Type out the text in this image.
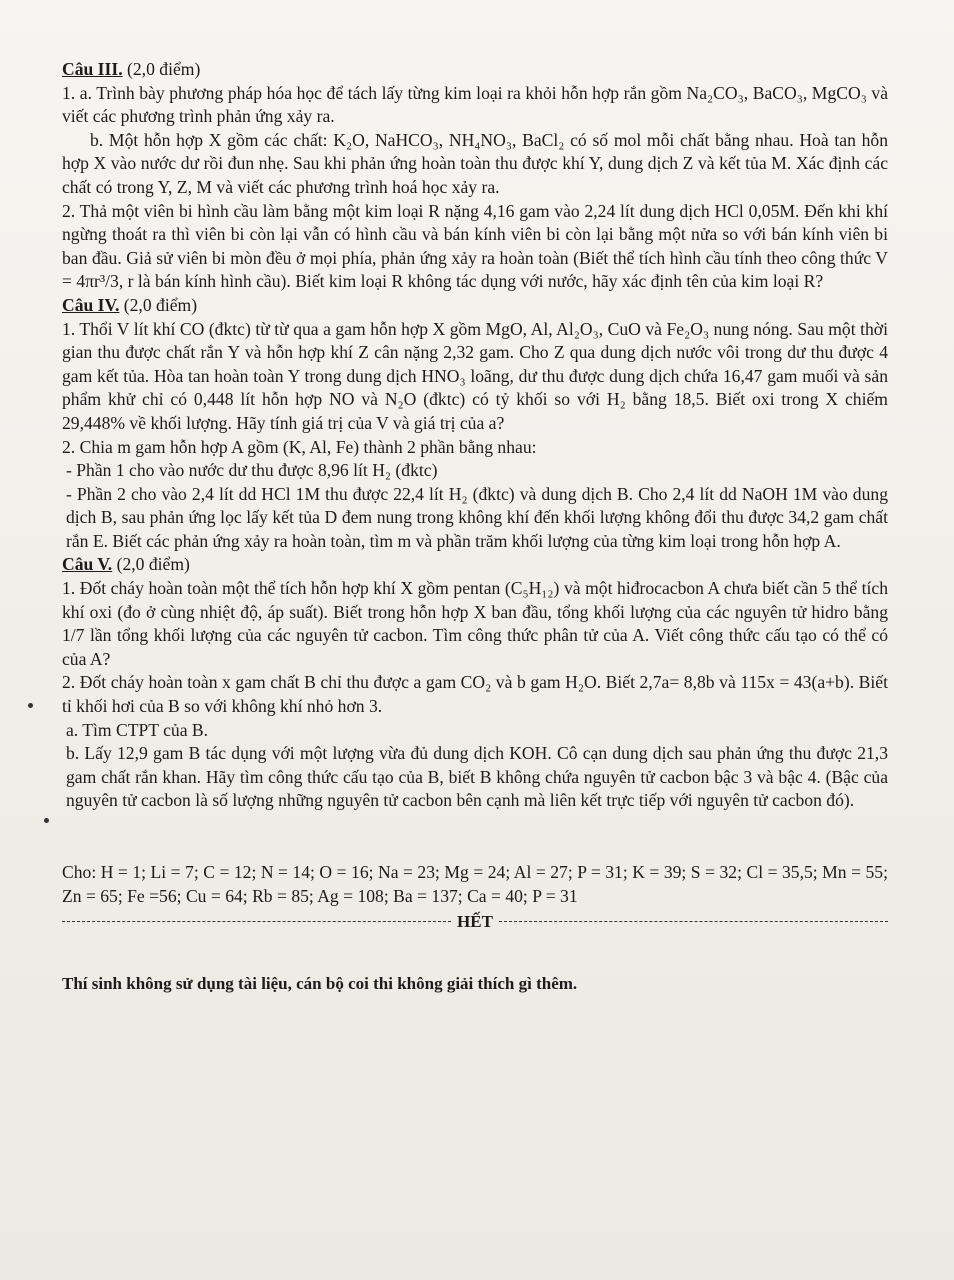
Câu III. (2,0 điểm)

1. a. Trình bày phương pháp hóa học để tách lấy từng kim loại ra khỏi hỗn hợp rắn gồm Na₂CO₃, BaCO₃, MgCO₃ và viết các phương trình phản ứng xảy ra.

b. Một hỗn hợp X gồm các chất: K₂O, NaHCO₃, NH₄NO₃, BaCl₂ có số mol mỗi chất bằng nhau. Hoà tan hỗn hợp X vào nước dư rồi đun nhẹ. Sau khi phản ứng hoàn toàn thu được khí Y, dung dịch Z và kết tủa M. Xác định các chất có trong Y, Z, M và viết các phương trình hoá học xảy ra.

2. Thả một viên bi hình cầu làm bằng một kim loại R nặng 4,16 gam vào 2,24 lít dung dịch HCl 0,05M. Đến khi khí ngừng thoát ra thì viên bi còn lại vẫn có hình cầu và bán kính viên bi còn lại bằng một nửa so với bán kính viên bi ban đầu. Giả sử viên bi mòn đều ở mọi phía, phản ứng xảy ra hoàn toàn (Biết thể tích hình cầu tính theo công thức V = 4πr³/3, r là bán kính hình cầu). Biết kim loại R không tác dụng với nước, hãy xác định tên của kim loại R?

Câu IV. (2,0 điểm)

1. Thổi V lít khí CO (đktc) từ từ qua a gam hỗn hợp X gồm MgO, Al, Al₂O₃, CuO và Fe₂O₃ nung nóng. Sau một thời gian thu được chất rắn Y và hỗn hợp khí Z cân nặng 2,32 gam. Cho Z qua dung dịch nước vôi trong dư thu được 4 gam kết tủa. Hòa tan hoàn toàn Y trong dung dịch HNO₃ loãng, dư thu được dung dịch chứa 16,47 gam muối và sản phẩm khử chỉ có 0,448 lít hỗn hợp NO và N₂O (đktc) có tỷ khối so với H₂ bằng 18,5. Biết oxi trong X chiếm 29,448% về khối lượng. Hãy tính giá trị của V và giá trị của a?

2. Chia m gam hỗn hợp A gồm (K, Al, Fe) thành 2 phần bằng nhau:

- Phần 1 cho vào nước dư thu được 8,96 lít H₂ (đktc)

- Phần 2 cho vào 2,4 lít dd HCl 1M thu được 22,4 lít H₂ (đktc) và dung dịch B. Cho 2,4 lít dd NaOH 1M vào dung dịch B, sau phản ứng lọc lấy kết tủa D đem nung trong không khí đến khối lượng không đổi thu được 34,2 gam chất rắn E. Biết các phản ứng xảy ra hoàn toàn, tìm m và phần trăm khối lượng của từng kim loại trong hỗn hợp A.

Câu V. (2,0 điểm)

1. Đốt cháy hoàn toàn một thể tích hỗn hợp khí X gồm pentan (C₅H₁₂) và một hiđrocacbon A chưa biết cần 5 thể tích khí oxi (đo ở cùng nhiệt độ, áp suất). Biết trong hỗn hợp X ban đầu, tổng khối lượng của các nguyên tử hidro bằng 1/7 lần tổng khối lượng của các nguyên tử cacbon. Tìm công thức phân tử của A. Viết công thức cấu tạo có thể có của A?

2. Đốt cháy hoàn toàn x gam chất B chỉ thu được a gam CO₂ và b gam H₂O. Biết 2,7a= 8,8b và 115x = 43(a+b). Biết tỉ khối hơi của B so với không khí nhỏ hơn 3.

a. Tìm CTPT của B.

b. Lấy 12,9 gam B tác dụng với một lượng vừa đủ dung dịch KOH. Cô cạn dung dịch sau phản ứng thu được 21,3 gam chất rắn khan. Hãy tìm công thức cấu tạo của B, biết B không chứa nguyên tử cacbon bậc 3 và bậc 4. (Bậc của nguyên tử cacbon là số lượng những nguyên tử cacbon bên cạnh mà liên kết trực tiếp với nguyên tử cacbon đó).

Cho: H = 1; Li = 7; C = 12; N = 14; O = 16; Na = 23; Mg = 24; Al = 27; P = 31; K = 39; S = 32; Cl = 35,5; Mn = 55; Zn = 65; Fe =56; Cu = 64; Rb = 85; Ag = 108; Ba = 137; Ca = 40; P = 31

HẾT

Thí sinh không sử dụng tài liệu, cán bộ coi thi không giải thích gì thêm.
